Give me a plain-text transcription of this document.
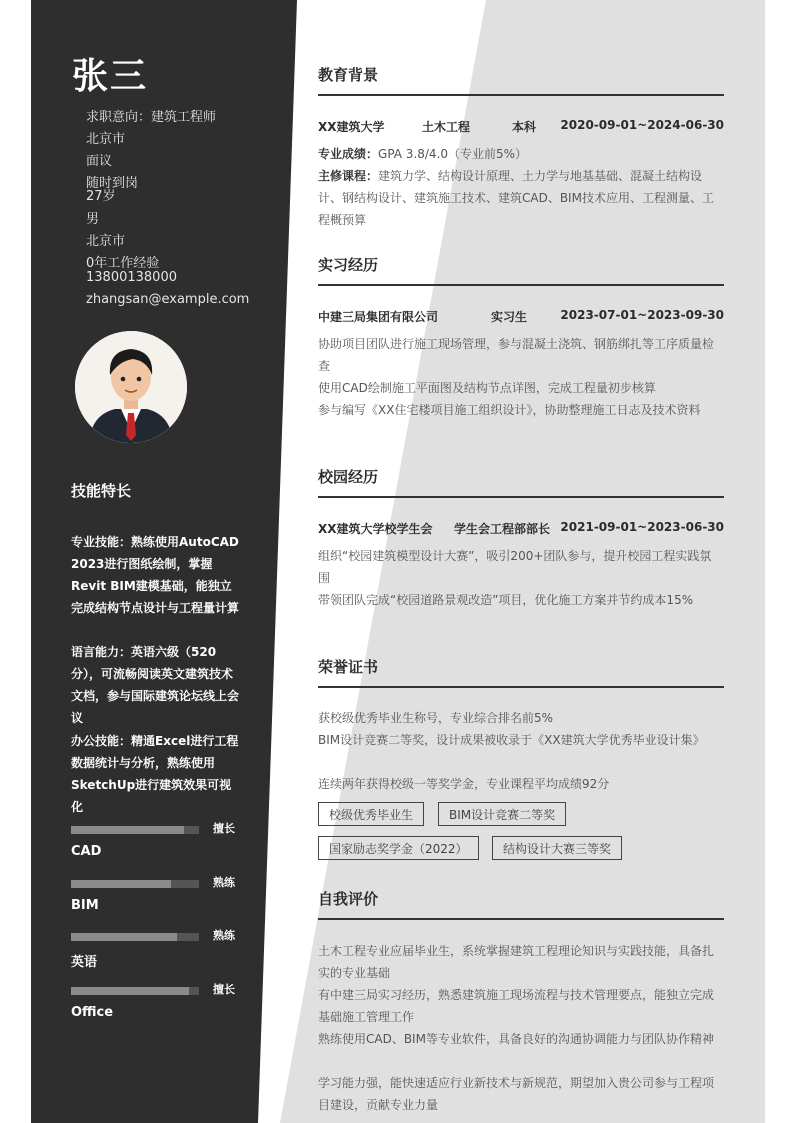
张三
求职意向：建筑工程师
北京市
面议
随时到岗
27岁
男
北京市
0年工作经验
13800138000
zhangsan@example.com
技能特长
专业技能：熟练使用AutoCAD 2023进行图纸绘制，掌握Revit BIM建模基础，能独立完成结构节点设计与工程量计算
语言能力：英语六级（520分），可流畅阅读英文建筑技术文档，参与国际建筑论坛线上会议
办公技能：精通Excel进行工程数据统计与分析，熟练使用SketchUp进行建筑效果可视化
擅长
CAD
熟练
BIM
熟练
英语
擅长
Office
教育背景
XX建筑大学	土木工程	本科 2020-09-01~2024-06-30
专业成绩：GPA 3.8/4.0（专业前5%）
主修课程：建筑力学、结构设计原理、土力学与地基基础、混凝土结构设计、钢结构设计、建筑施工技术、建筑CAD、BIM技术应用、工程测量、工程概预算
实习经历
中建三局集团有限公司	实习生	2023-07-01~2023-09-30
协助项目团队进行施工现场管理，参与混凝土浇筑、钢筋绑扎等工序质量检查
使用CAD绘制施工平面图及结构节点详图，完成工程量初步核算
参与编写《XX住宅楼项目施工组织设计》，协助整理施工日志及技术资料
校园经历
XX建筑大学校学生会 学生会工程部部长 2021-09-01~2023-06-30
组织“校园建筑模型设计大赛”，吸引200+团队参与，提升校园工程实践氛围
带领团队完成“校园道路景观改造”项目，优化施工方案并节约成本15%
荣誉证书
获校级优秀毕业生称号，专业综合排名前5%
BIM设计竞赛二等奖，设计成果被收录于《XX建筑大学优秀毕业设计集》
连续两年获得校级一等奖学金，专业课程平均成绩92分
校级优秀毕业生	BIM设计竞赛二等奖
国家励志奖学金（2022）	结构设计大赛三等奖
自我评价
土木工程专业应届毕业生，系统掌握建筑工程理论知识与实践技能，具备扎实的专业基础
有中建三局实习经历，熟悉建筑施工现场流程与技术管理要点，能独立完成基础施工管理工作
熟练使用CAD、BIM等专业软件，具备良好的沟通协调能力与团队协作精神
学习能力强，能快速适应行业新技术与新规范，期望加入贵公司参与工程项目建设，贡献专业力量
